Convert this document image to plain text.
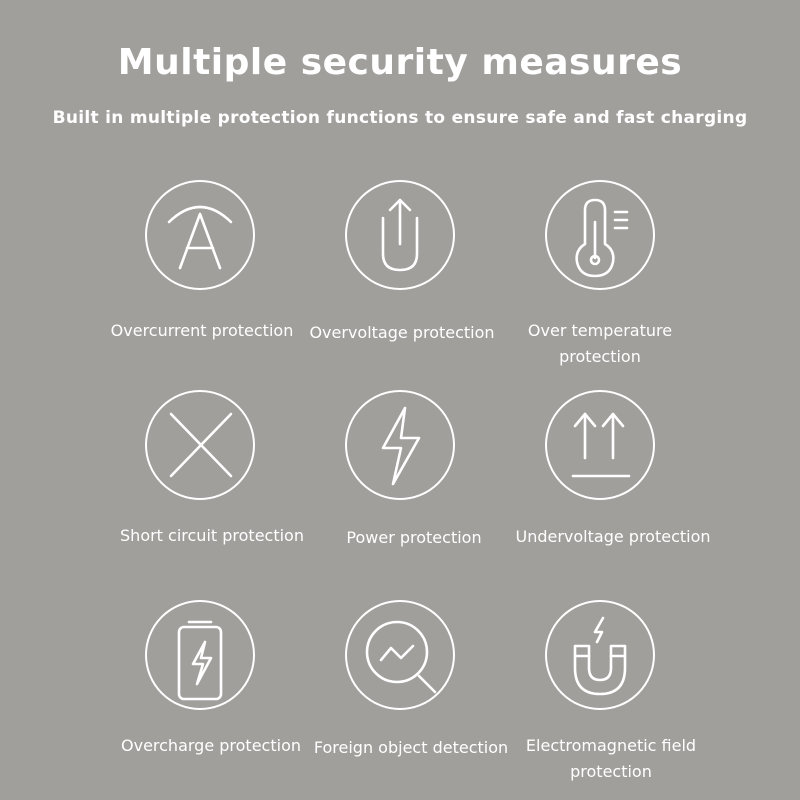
Multiple security measures
Built in multiple protection functions to ensure safe and fast charging
Overcurrent protection	Overvoltage protection	Over temperature protection
Short circuit protection	Power protection	Undervoltage protection
Overcharge protection Foreign object detection	Electromagnetic field protection
